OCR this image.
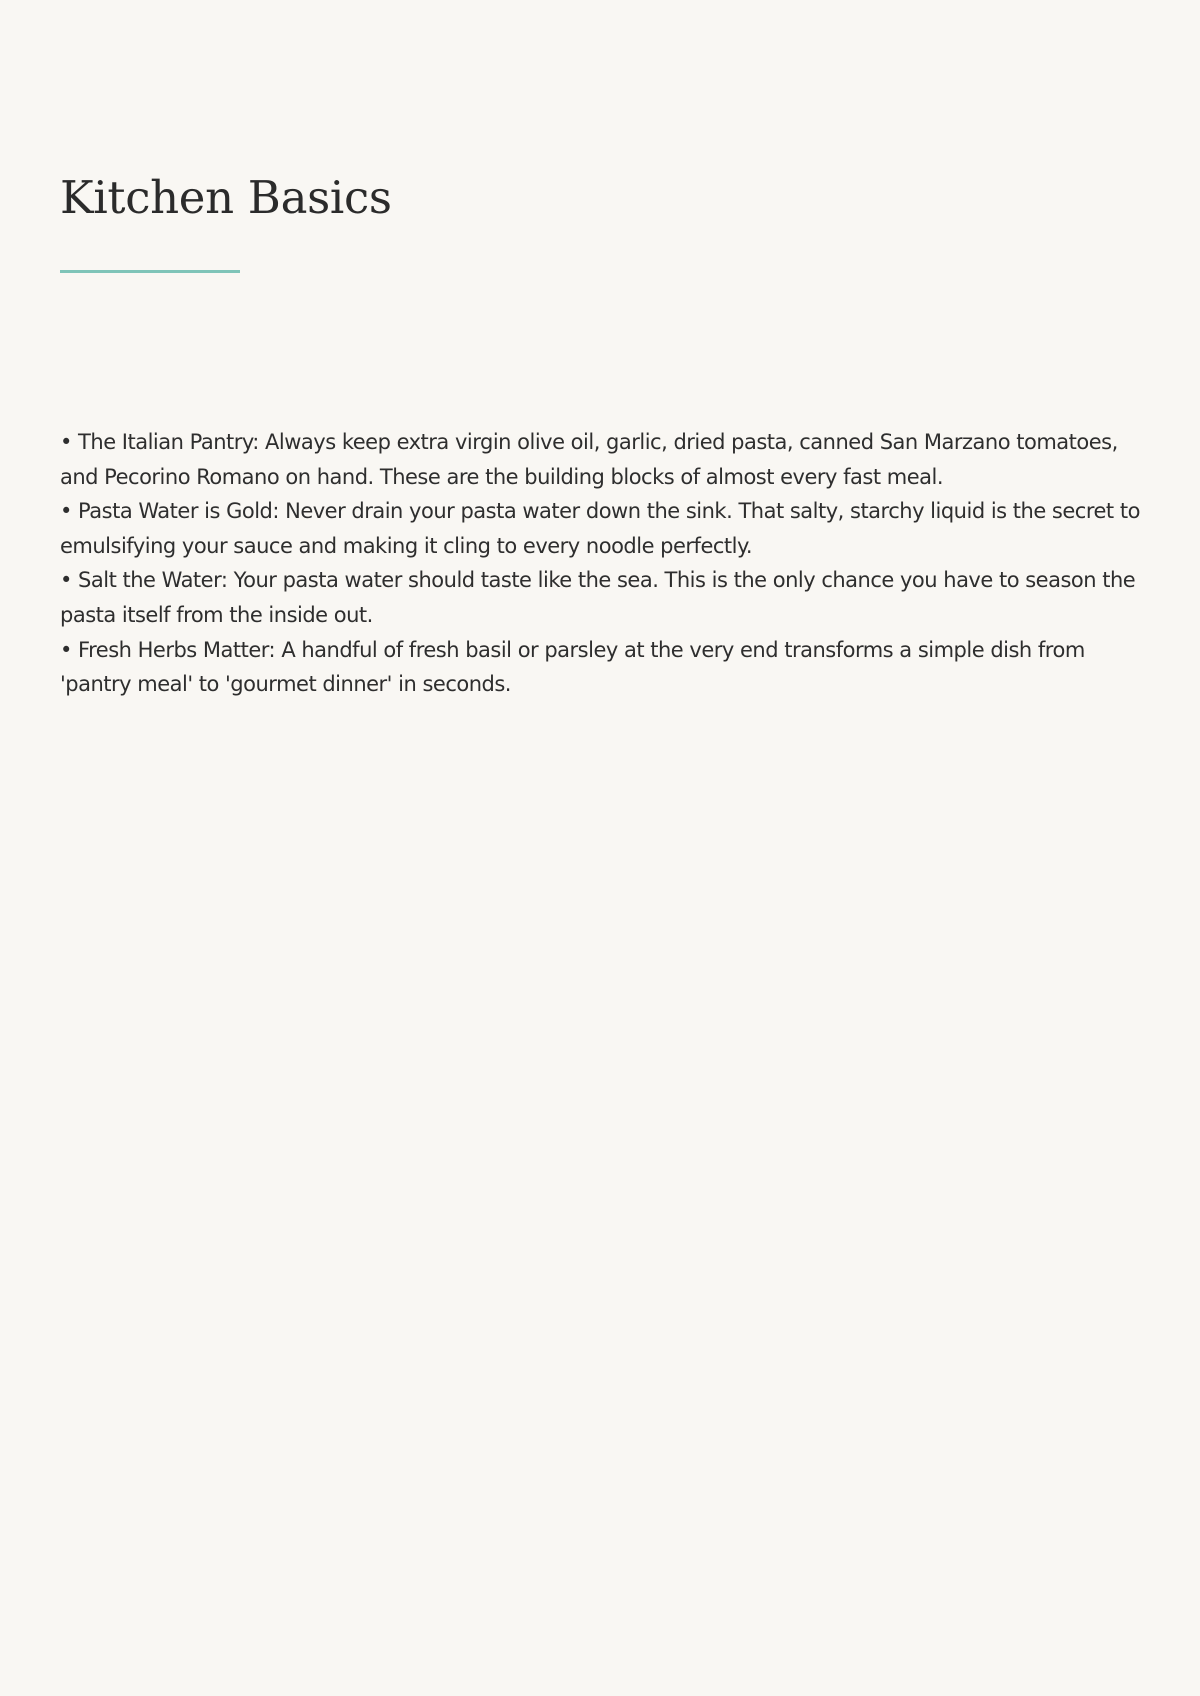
Kitchen Basics
• The Italian Pantry: Always keep extra virgin olive oil, garlic, dried pasta, canned San Marzano tomatoes, and Pecorino Romano on hand. These are the building blocks of almost every fast meal.
• Pasta Water is Gold: Never drain your pasta water down the sink. That salty, starchy liquid is the secret to emulsifying your sauce and making it cling to every noodle perfectly.
• Salt the Water: Your pasta water should taste like the sea. This is the only chance you have to season the pasta itself from the inside out.
• Fresh Herbs Matter: A handful of fresh basil or parsley at the very end transforms a simple dish from 'pantry meal' to 'gourmet dinner' in seconds.
